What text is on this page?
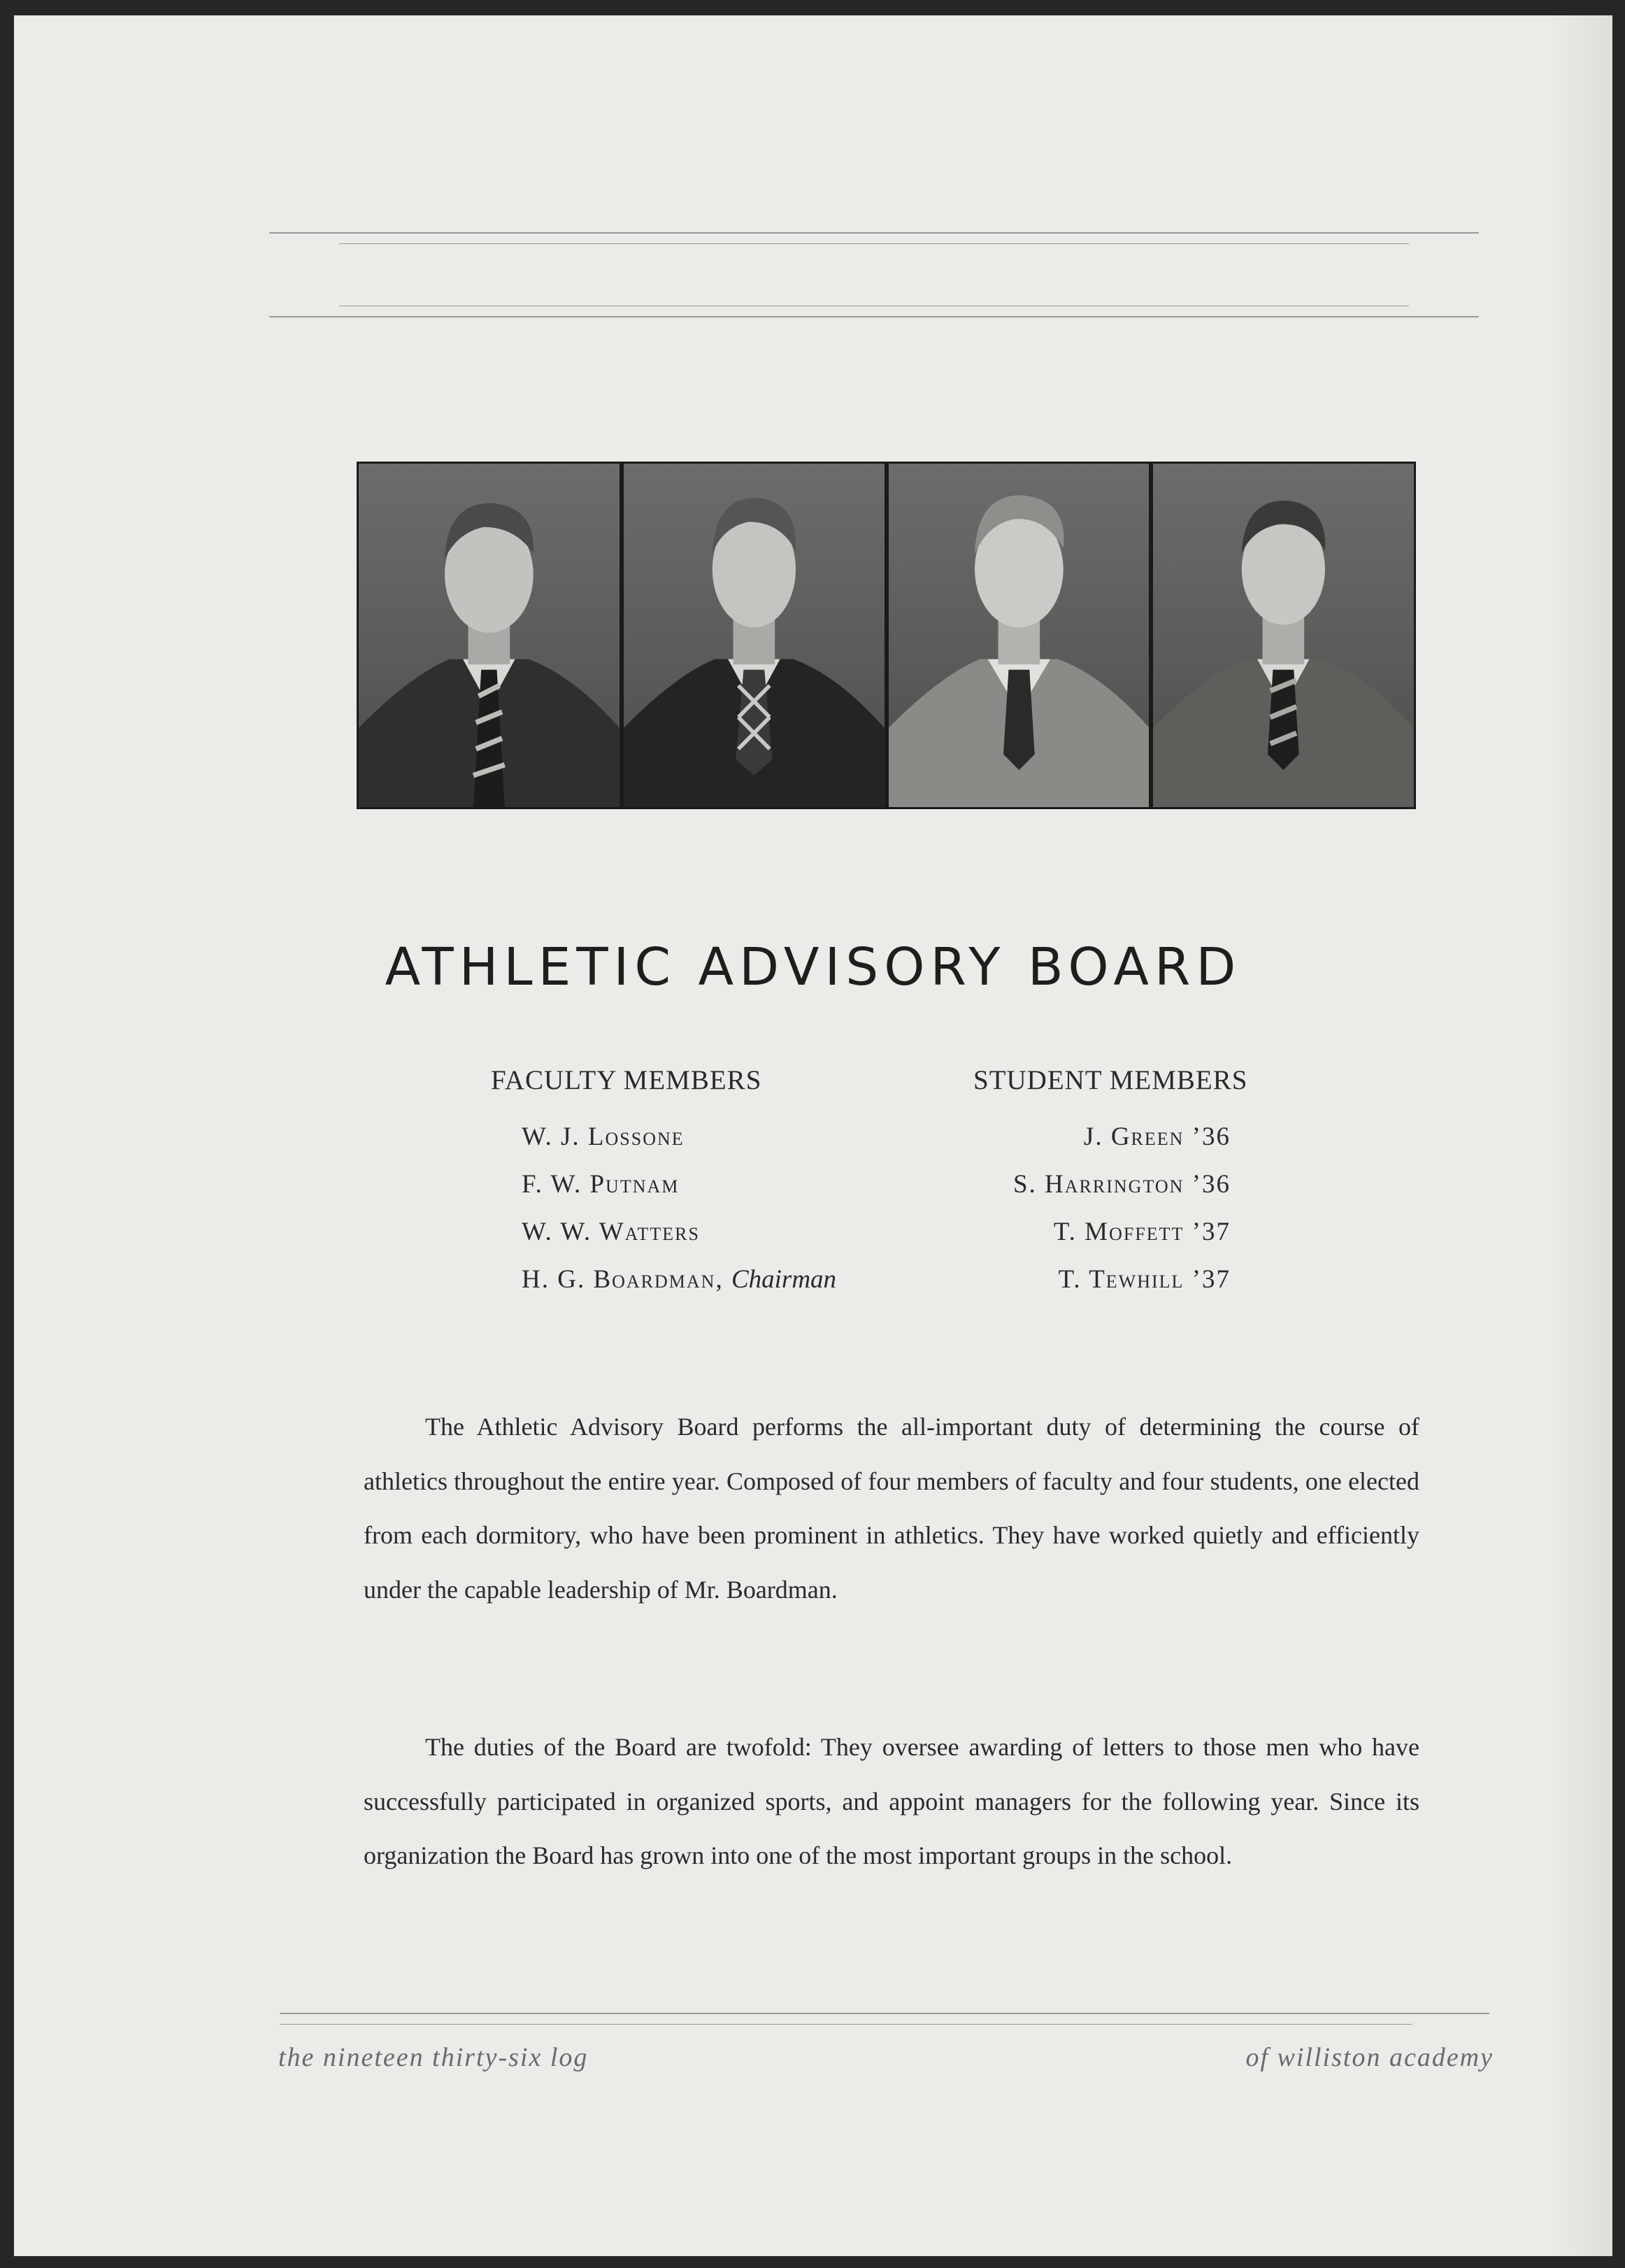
ATHLETIC ADVISORY BOARD
FACULTY MEMBERS
W. J. Lossone
F. W. Putnam
W. W. Watters
H. G. Boardman, Chairman
STUDENT MEMBERS
J. Green ’36
S. Harrington ’36
T. Moffett ’37
T. Tewhill ’37

The Athletic Advisory Board performs the all-important duty of determining the course of athletics throughout the entire year. Composed of four members of faculty and four students, one elected from each dormitory, who have been prominent in athletics. They have worked quietly and efficiently under the capable leadership of Mr. Boardman.

The duties of the Board are twofold: They oversee awarding of letters to those men who have successfully participated in organized sports, and appoint managers for the following year. Since its organization the Board has grown into one of the most important groups in the school.

the nineteen thirty-six log	of williston academy
